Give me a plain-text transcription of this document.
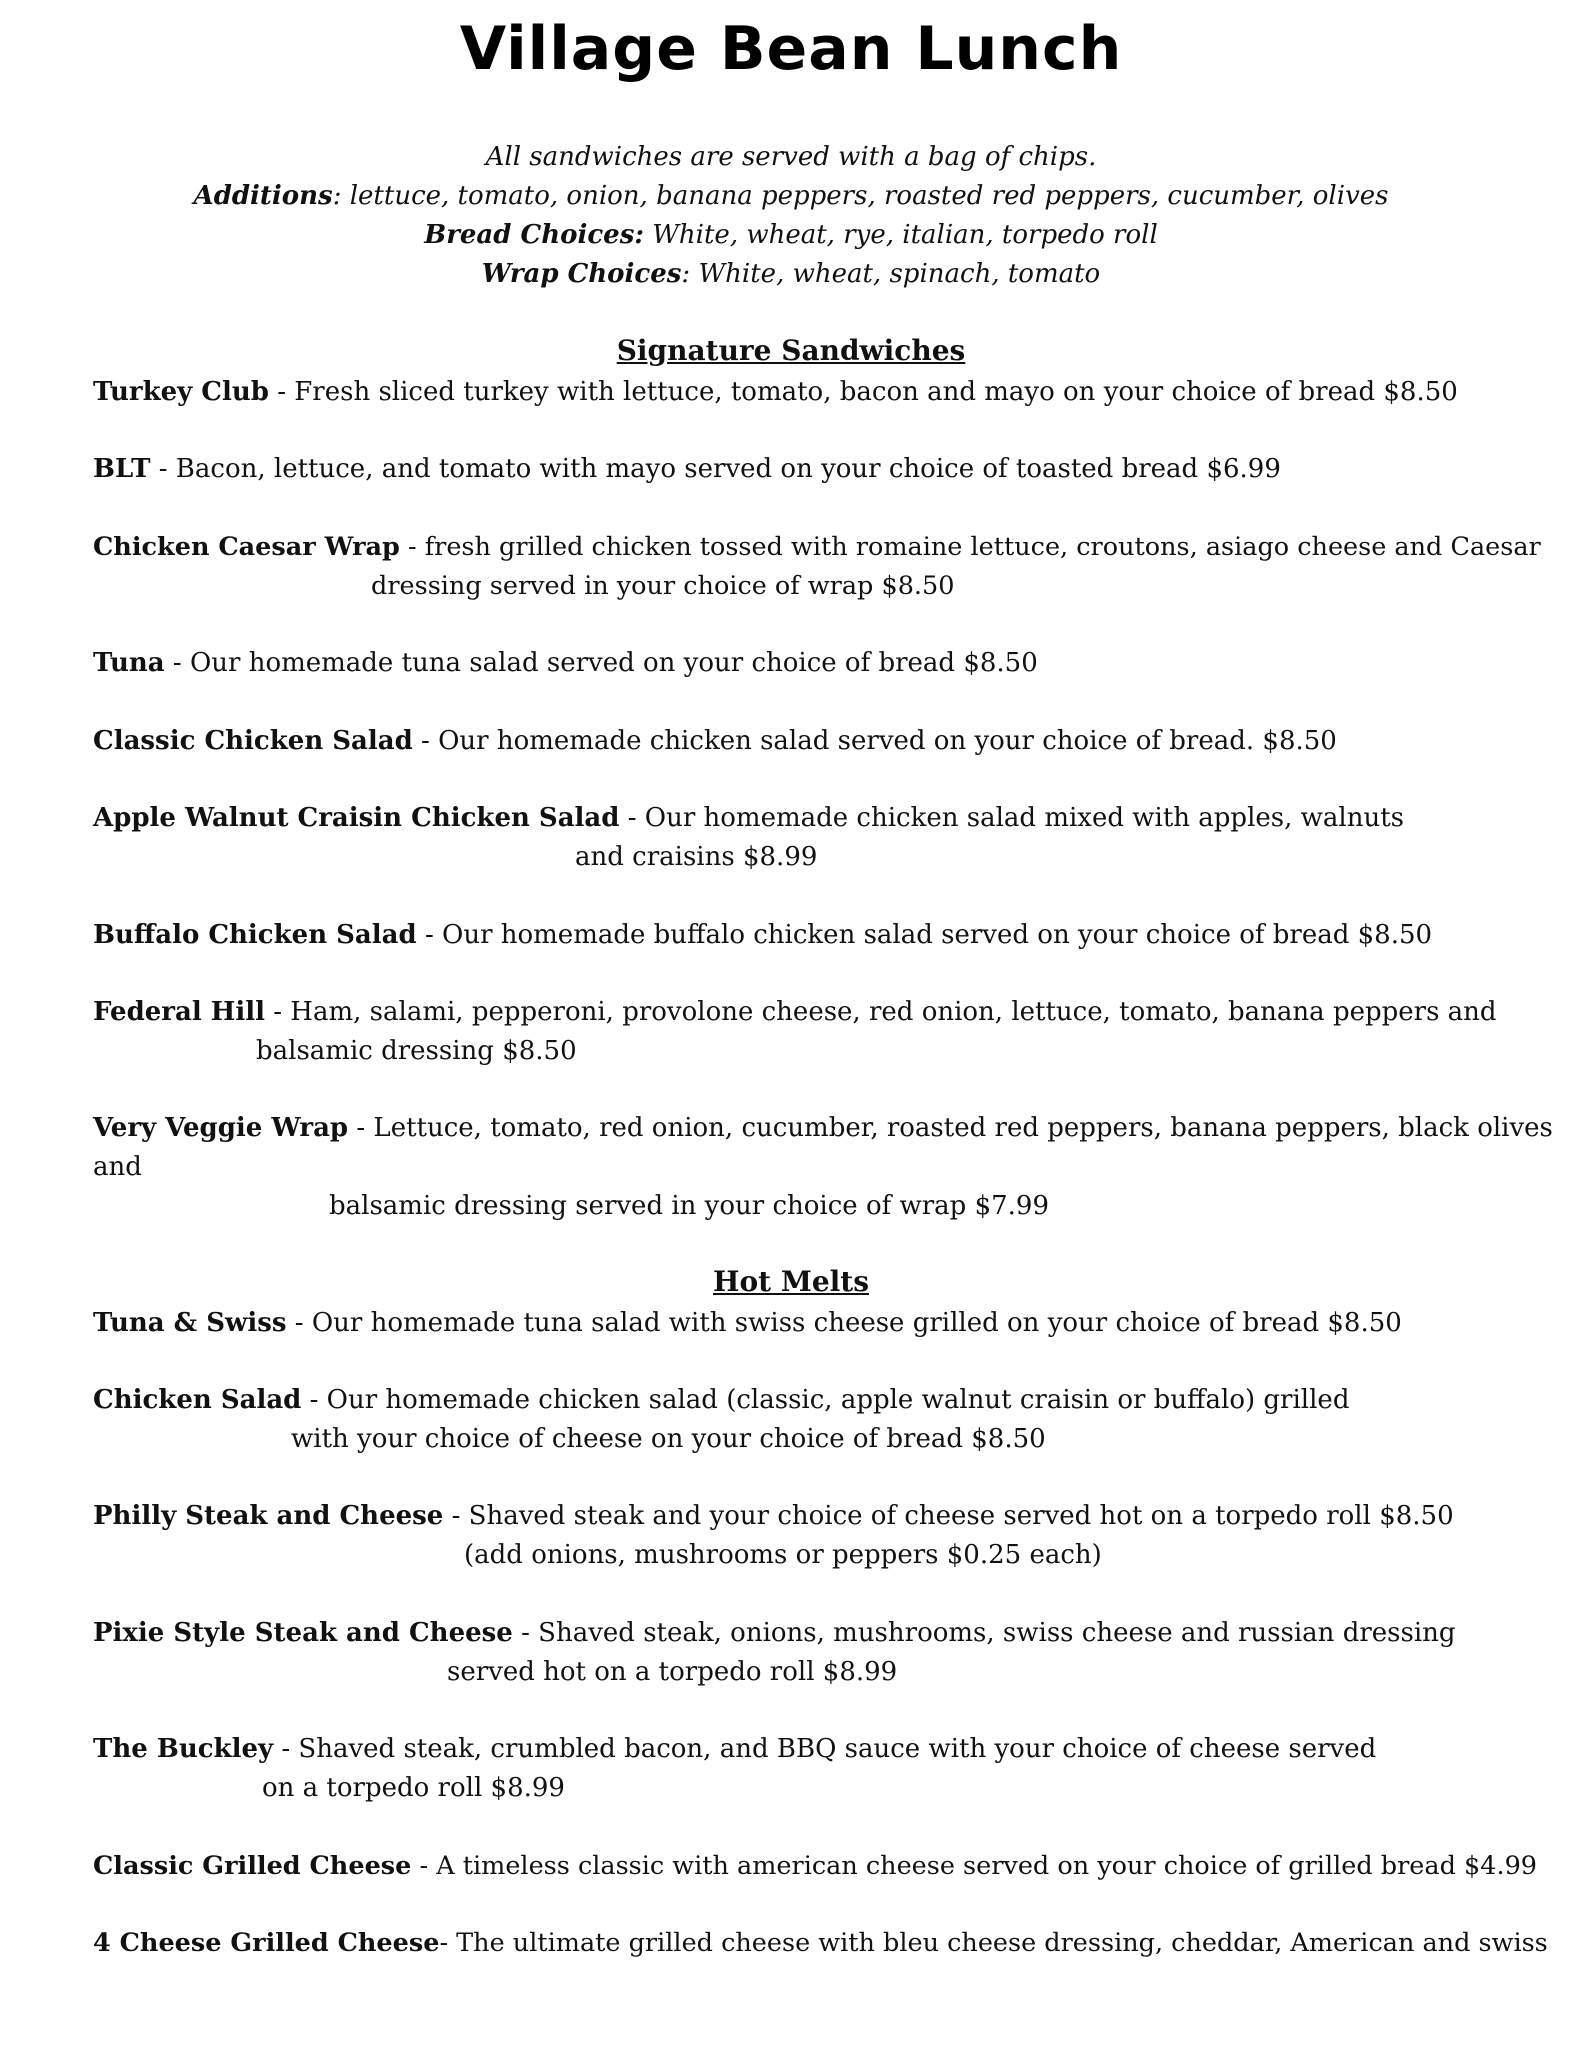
Village Bean Lunch
All sandwiches are served with a bag of chips.
Additions: lettuce, tomato, onion, banana peppers, roasted red peppers, cucumber, olives
Bread Choices: White, wheat, rye, italian, torpedo roll
Wrap Choices: White, wheat, spinach, tomato
Signature Sandwiches
Turkey Club - Fresh sliced turkey with lettuce, tomato, bacon and mayo on your choice of bread $8.50
BLT - Bacon, lettuce, and tomato with mayo served on your choice of toasted bread $6.99
Chicken Caesar Wrap - fresh grilled chicken tossed with romaine lettuce, croutons, asiago cheese and Caesar
dressing served in your choice of wrap $8.50
Tuna - Our homemade tuna salad served on your choice of bread $8.50
Classic Chicken Salad - Our homemade chicken salad served on your choice of bread. $8.50
Apple Walnut Craisin Chicken Salad - Our homemade chicken salad mixed with apples, walnuts
and craisins $8.99
Buffalo Chicken Salad - Our homemade buffalo chicken salad served on your choice of bread $8.50
Federal Hill - Ham, salami, pepperoni, provolone cheese, red onion, lettuce, tomato, banana peppers and
balsamic dressing $8.50
Very Veggie Wrap - Lettuce, tomato, red onion, cucumber, roasted red peppers, banana peppers, black olives
and
balsamic dressing served in your choice of wrap $7.99
Hot Melts
Tuna & Swiss - Our homemade tuna salad with swiss cheese grilled on your choice of bread $8.50
Chicken Salad - Our homemade chicken salad (classic, apple walnut craisin or buffalo) grilled
with your choice of cheese on your choice of bread $8.50
Philly Steak and Cheese - Shaved steak and your choice of cheese served hot on a torpedo roll $8.50
(add onions, mushrooms or peppers $0.25 each)
Pixie Style Steak and Cheese - Shaved steak, onions, mushrooms, swiss cheese and russian dressing
served hot on a torpedo roll $8.99
The Buckley - Shaved steak, crumbled bacon, and BBQ sauce with your choice of cheese served
on a torpedo roll $8.99
Classic Grilled Cheese - A timeless classic with american cheese served on your choice of grilled bread $4.99
4 Cheese Grilled Cheese- The ultimate grilled cheese with bleu cheese dressing, cheddar, American and swiss
